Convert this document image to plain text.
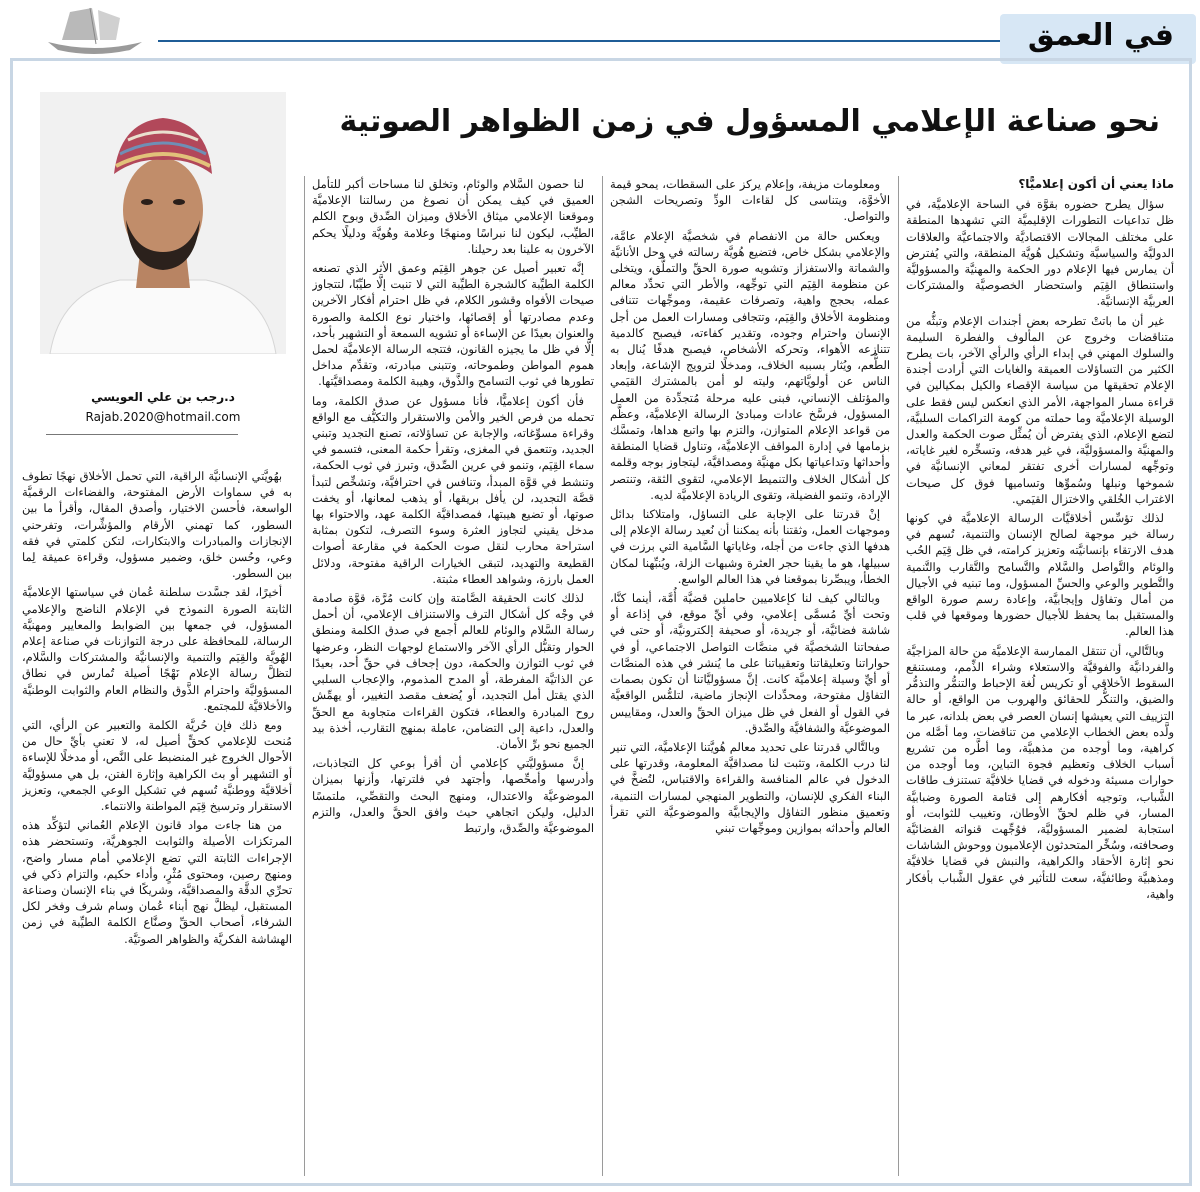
في العمق
نحو صناعة الإعلامي المسؤول في زمن الظواهر الصوتية
د.رجب بن علي العويسي
Rajab.2020@hotmail.com
ماذا يعني أن أكون إعلاميًّا؟

سؤال يطرح حضوره بقوَّة في الساحة الإعلاميَّة، في ظل تداعيات التطورات الإقليميَّة التي تشهدها المنطقة على مختلف المجالات الاقتصاديَّة والاجتماعيَّة والعلاقات الدوليَّة والسياسيَّة وتشكيل هُويَّة المنطقة، والتي يُفترض أن يمارس فيها الإعلام دور الحكمة والمهنيَّة والمسؤوليَّة واستنطاق القِيَم واستحضار الخصوصيَّة والمشتركات العربيَّة الإنسانيَّة.

غير أن ما باتتْ تطرحه بعض أجندات الإعلام وتبثُّه من متناقضات وخروج عن المألوف والفطرة السليمة والسلوك المهني في إبداء الرأي والرأي الآخر، بات يطرح الكثير من التساؤلات العميقة والغايات التي أرادت أجندة الإعلام تحقيقها من سياسة الإقصاء والكيل بمكيالين في قراءة مسار المواجهة، الأمر الذي انعكس ليس فقط على الوسيلة الإعلاميَّة وما حملته من كومة التراكمات السلبيَّة، لتضع الإعلام، الذي يفترض أن يُمثِّل صوت الحكمة والعدل والمهنيَّة والمسؤوليَّة، في غير هدفه، وتسخِّره لغير غاياته، وتوجِّهه لمسارات أخرى تفتقر لمعاني الإنسانيَّة في شموخها ونبلها وسُموِّها وتساميها فوق كل صيحات الاغتراب الخُلقي والاختزال القيَمي.

لذلك تؤسِّس أخلاقيَّات الرسالة الإعلاميَّة في كونها رسالة خير موجهة لصالح الإنسان والتنمية، تُسهم في هدف الارتقاء بإنسانيَّته وتعزيز كرامته، في ظل قِيَم الحُب والوئام والتَّواصل والسَّلام والتَّسامح والتَّقارب والتَّنمية والتَّطوير والوعي والحسِّ المسؤول، وما تبنيه في الأجيال من أمال وتفاؤل وإيجابيَّة، وإعادة رسم صورة الواقع والمستقبل بما يحفظ للأجيال حضورها وموقعها في قلب هذا العالم.

وبالتَّالي، أن تنتقل الممارسة الإعلاميَّة من حالة المزاجيَّة والفردانيَّة والفوقيَّة والاستعلاء وشراء الذِّمم، ومستنقع السقوط الأخلاقي أو تكريس لُغة الإحباط والتنمُّر والتذمُّر والضيق، والتنكُّر للحقائق والهروب من الواقع، أو حالة التزييف التي يعيشها إنسان العصر في بعض بلدانه، عبر ما ولَّده بعض الخطاب الإعلامي من تناقضات، وما أصَّله من كراهية، وما أوجده من مذهبيَّة، وما أطَّره من تشريع أسباب الخلاف وتعظيم فجوة التباين، وما أوجده من حوارات مسيئة ودخوله في قضايا خلافيَّة تستنزف طاقات الشَّباب، وتوجيه أفكارهم إلى قتامة الصورة وضبابيَّة المسار، في ظلم لحقِّ الأوطان، وتغييب للثوابت، أو استجابة لضمير المسؤوليَّة، فوُجِّهت قنواته الفضائيَّة وصحافته، وسُخِّر المتحدثون الإعلاميون ووحوش الشاشات نحو إثارة الأحقاد والكراهية، والنبش في قضايا خلافيَّة ومذهبيَّة وطائفيَّة، سعت للتأثير في عقول الشَّباب بأفكار واهية،

ومعلومات مزيفة، وإعلام يركز على السقطات، يمحو قيمة الأخوَّة، ويتناسى كل لقاءات الودِّ وتصريحات الشجن والتواصل.

ويعكس حالة من الانفصام في شخصيَّة الإعلام عامَّة، والإعلامي بشكل خاص، فتضيع هُويَّة رسالته في وحل الأنانيَّة والشماتة والاستفزاز وتشويه صورة الحقِّ والتملُّق، ويتخلى عن منظومة القِيَم التي توجِّهه، والأطر التي تحدِّد معالم عمله، بحجج واهية، وتصرفات عقيمة، وموجِّهات تتنافى ومنظومة الأخلاق والقِيَم، وتتجافى ومسارات العمل من أجل الإنسان واحترام وجوده، وتقدير كفاءته، فيصبح كالدمية تتنازعه الأهواء، وتحركه الأشخاص، فيصبح هدفًا يُنال به الطُّعم، ويُثار بسببه الخلاف، ومدخلًا لترويج الإشاعة، وإبعاد الناس عن أولويَّاتهم، وليته لو أمن بالمشترك القيَمي والمؤتلف الإنساني، فبنى عليه مرحلة مُتجدِّدة من العمل المسؤول، فرسَّخ عادات ومبادئ الرسالة الإعلاميَّة، وعظَّم من قواعد الإعلام المتوازن، والتزم بها واتبع هداها، وتمسَّك بزمامها في إدارة المواقف الإعلاميَّة، وتناول قضايا المنطقة وأحداثها وتداعياتها بكل مهنيَّة ومصداقيَّة، ليتجاوز بوجه وقلمه كل أشكال الخلاف والتنميط الإعلامي، لتقوى الثقة، وتنتصر الإرادة، وتنمو الفضيلة، وتقوى الريادة الإعلاميَّة لديه.

إنْ قدرتنا على الإجابة على التساؤل، وامتلاكنا بدائل وموجهات العمل، وثقتنا بأنه يمكننا أن نُعيد رسالة الإعلام إلى هدفها الذي جاءت من أجله، وغاياتها السَّامية التي برزت في سبيلها، هو ما يقينا حجر العثرة وشبهات الزلة، ويُنبِّهنا لمكان الخطأ، ويبصِّرنا بموقعنا في هذا العالم الواسع.

وبالتالي كيف لنا كإعلاميين حاملين قضيَّة أُمَّة، أينما كنَّا، وتحت أيِّ مُسمَّى إعلامي، وفي أيِّ موقع، في إذاعة أو شاشة فضائيَّة، أو جريدة، أو صحيفة إلكترونيَّة، أو حتى في صفحاتنا الشخصيَّة في منصَّات التواصل الاجتماعي، أو في حواراتنا وتعليقاتنا وتعقيباتنا على ما يُنشر في هذه المنصَّات أو أيِّ وسيلة إعلاميَّة كانت. إنَّ مسؤوليَّاتنا أن تكون بصمات التفاؤل مفتوحة، ومحدِّدات الإنجاز ماضية، لتلمُّس الواقعيَّة في القول أو الفعل في ظل ميزان الحقِّ والعدل، ومقاييس الموضوعيَّة والشفافيَّة والصِّدق.

وبالتَّالي قدرتنا على تحديد معالم هُويَّتنا الإعلاميَّة، التي تنير لنا درب الكلمة، وتثبت لنا مصداقيَّة المعلومة، وقدرتها على الدخول في عالم المنافسة والقراءة والاقتباس، لتُضخَّ في البناء الفكري للإنسان، والتطوير المنهجي لمسارات التنمية، وتعميق منظور التفاؤل والإيجابيَّة والموضوعيَّة التي تقرأ العالم وأحداثه بموازين وموجِّهات تبني

لنا حصون السَّلام والوئام، وتخلق لنا مساحات أكبر للتأمل العميق في كيف يمكن أن نصوغ من رسالتنا الإعلاميَّة وموقعنا الإعلامي ميثاق الأخلاق وميزان الصِّدق وبوح الكلم الطيِّب، ليكون لنا نبراسًا ومنهجًا وعلامة وهُويَّة ودليلًا يحكم الآخرون به علينا بعد رحيلنا.

إنَّه تعبير أصيل عن جوهر القِيَم وعمق الأثر الذي تصنعه الكلمة الطيِّبة كالشجرة الطيِّبة التي لا تنبت إلَّا طيِّبًا، لتتجاوز صيحات الأفواه وقشور الكلام، في ظل احترام أفكار الآخرين وعدم مصادرتها أو إقصائها، واختيار نوع الكلمة والصورة والعنوان بعيدًا عن الإساءة أو تشويه السمعة أو التشهير بأحد، إلَّا في ظل ما يجيزه القانون، فتتجه الرسالة الإعلاميَّة لحمل هموم المواطن وطموحاته، وتتبنى مبادرته، وتقدِّم مداخل تطورها في ثوب التسامح والذَّوق، وهيبة الكلمة ومصداقيَّتها.

فأن أكون إعلاميًّا، فأنا مسؤول عن صدق الكلمة، وما تحمله من فرص الخير والأمن والاستقرار والتكيُّف مع الواقع وقراءة مسوِّغاته، والإجابة عن تساؤلاته، تصنع التجديد وتبني الجديد، وتتعمق في المغزى، وتقرأ حكمة المعنى، فتسمو في سماء القِيَم، وتنمو في عرين الصِّدق، وتبرز في ثوب الحكمة، وتنشط في قوَّة المبدأ، وتنافس في احترافيَّة، وتشخِّص لتبدأ قصَّة التجديد، لن يأفل بريقها، أو يذهب لمعانها، أو يخفت صوتها، أو تضيع هيبتها، فمصداقيَّة الكلمة عهد، والاحتواء بها مدخل يقيني لتجاوز العثرة وسوء التصرف، لتكون بمثابة استراحة محارب لنقل صوت الحكمة في مقارعة أصوات القطيعة والتهديد، لتبقى الخيارات الراقية مفتوحة، ودلائل العمل بارزة، وشواهد العطاء مثبتة.

لذلك كانت الحقيقة الصَّامتة وإن كانت مُرَّة، قوَّة صادمة في وجْه كل أشكال الترف والاستنزاف الإعلامي، أن أحمل رسالة السَّلام والوئام للعالم أجمع في صدق الكلمة ومنطق الحوار وتقبُّل الرأي الآخر والاستماع لوجهات النظر، وعرضها في ثوب التوازن والحكمة، دون إجحاف في حقِّ أحد، بعيدًا عن الذاتيَّة المفرطة، أو المدح المذموم، والإعجاب السلبي الذي يقتل أمل التجديد، أو يُضعف مقصد التغيير، أو يهمِّش روح المبادرة والعطاء، فتكون القراءات متجاوبة مع الحقِّ والعدل، داعية إلى التضامن، عاملة بمنهج التقارب، أخذة بيد الجميع نحو برِّ الأمان.

إنَّ مسؤوليَّتي كإعلامي أن أقرأ بوعي كل التجاذبات، وأدرسها وأمحِّصها، وأجتهد في فلترتها، وأزنها بميزان الموضوعيَّة والاعتدال، ومنهج البحث والتقصِّي، ملتمسًا الدليل، وليكن اتجاهي حيث وافق الحقَّ والعدل، والتزم الموضوعيَّة والصِّدق، وارتبط

بهُويَّتي الإنسانيَّة الراقية، التي تحمل الأخلاق نهجًا تطوف به في سماوات الأرض المفتوحة، والفضاءات الرقميَّة الواسعة، فأحسن الاختيار، وأصدق المقال، وأقرأ ما بين السطور، كما تهمني الأرقام والمؤشِّرات، وتفرحني الإنجازات والمبادرات والابتكارات، لتكن كلمتي في فقه وعي، وحُسن خلق، وضمير مسؤول، وقراءة عميقة لِما بين السطور.

أخيرًا، لقد جسَّدت سلطنة عُمان في سياستها الإعلاميَّة الثابتة الصورة النموذج في الإعلام الناضج والإعلامي المسؤول، في جمعها بين الضوابط والمعايير ومهنيَّة الرسالة، للمحافظة على درجة التوازنات في صناعة إعلام الهُويَّة والقِيَم والتنمية والإنسانيَّة والمشتركات والسَّلام، لتظلَّ رسالة الإعلام نَهْجًا أصيلة تُمارس في نطاق المسؤوليَّة واحترام الذَّوق والنظام العام والثوابت الوطنيَّة والأخلاقيَّة للمجتمع.

ومع ذلك فإن حُريَّة الكلمة والتعبير عن الرأي، التي مُنحت للإعلامي كحقٍّ أصيل له، لا تعني بأيِّ حال من الأحوال الخروج غير المنضبط على النَّص، أو مدخلًا للإساءة أو التشهير أو بث الكراهية وإثارة الفتن، بل هي مسؤوليَّة أخلاقيَّة ووطنيَّة تُسهم في تشكيل الوعي الجمعي، وتعزيز الاستقرار وترسيخ قِيَم المواطنة والانتماء.

من هنا جاءت مواد قانون الإعلام العُماني لتؤكِّد هذه المرتكزات الأصيلة والثوابت الجوهريَّة، وتستحضر هذه الإجراءات الثابتة التي تضع الإعلامي أمام مسار واضح، ومنهج رصين، ومحتوى مُثْرٍ، وأداء حكيم، والتزام ذكي في تحرِّي الدقَّة والمصداقيَّة، وشريكًا في بناء الإنسان وصناعة المستقبل، ليظلَّ نهج أبناء عُمان وسام شرف وفخر لكل الشرفاء، أصحاب الحقِّ وصنَّاع الكلمة الطيِّبة في زمن الهشاشة الفكريَّة والظواهر الصوتيَّة.
